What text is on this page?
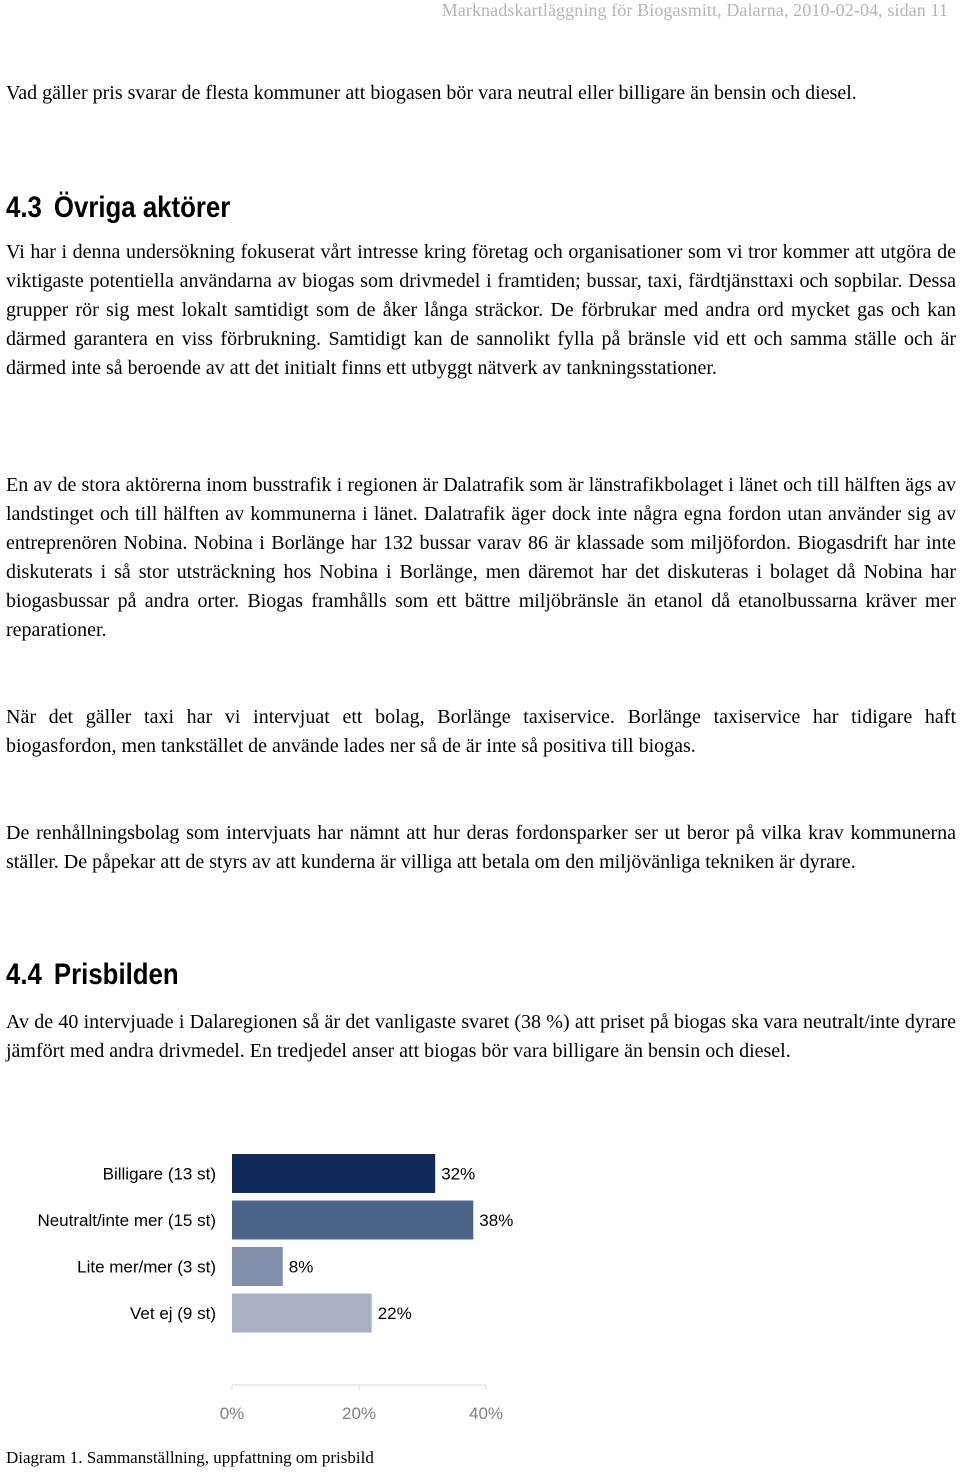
Marknadskartläggning för Biogasmitt, Dalarna, 2010-02-04, sidan 11

Vad gäller pris svarar de flesta kommuner att biogasen bör vara neutral eller billigare än bensin och diesel.

4.3 Övriga aktörer

Vi har i denna undersökning fokuserat vårt intresse kring företag och organisationer som vi tror kommer att utgöra de viktigaste potentiella användarna av biogas som drivmedel i framtiden; bussar, taxi, färdtjänsttaxi och sopbilar. Dessa grupper rör sig mest lokalt samtidigt som de åker långa sträckor. De förbrukar med andra ord mycket gas och kan därmed garantera en viss förbrukning. Samtidigt kan de sannolikt fylla på bränsle vid ett och samma ställe och är därmed inte så beroende av att det initialt finns ett utbyggt nätverk av tankningsstationer.

En av de stora aktörerna inom busstrafik i regionen är Dalatrafik som är länstrafikbolaget i länet och till hälften ägs av landstinget och till hälften av kommunerna i länet. Dalatrafik äger dock inte några egna fordon utan använder sig av entreprenören Nobina. Nobina i Borlänge har 132 bussar varav 86 är klassade som miljöfordon. Biogasdrift har inte diskuterats i så stor utsträckning hos Nobina i Borlänge, men däremot har det diskuteras i bolaget då Nobina har biogasbussar på andra orter. Biogas framhålls som ett bättre miljöbränsle än etanol då etanolbussarna kräver mer reparationer.

När det gäller taxi har vi intervjuat ett bolag, Borlänge taxiservice. Borlänge taxiservice har tidigare haft biogasfordon, men tankstället de använde lades ner så de är inte så positiva till biogas.

De renhållningsbolag som intervjuats har nämnt att hur deras fordonsparker ser ut beror på vilka krav kommunerna ställer. De påpekar att de styrs av att kunderna är villiga att betala om den miljövänliga tekniken är dyrare.

4.4 Prisbilden

Av de 40 intervjuade i Dalaregionen så är det vanligaste svaret (38 %) att priset på biogas ska vara neutralt/inte dyrare jämfört med andra drivmedel. En tredjedel anser att biogas bör vara billigare än bensin och diesel.

Billigare (13 st)	32%
Neutralt/inte mer (15 st)	38%
Lite mer/mer (3 st)	8%
Vet ej (9 st)	22%
0%	20%	40%

Diagram 1. Sammanställning, uppfattning om prisbild
